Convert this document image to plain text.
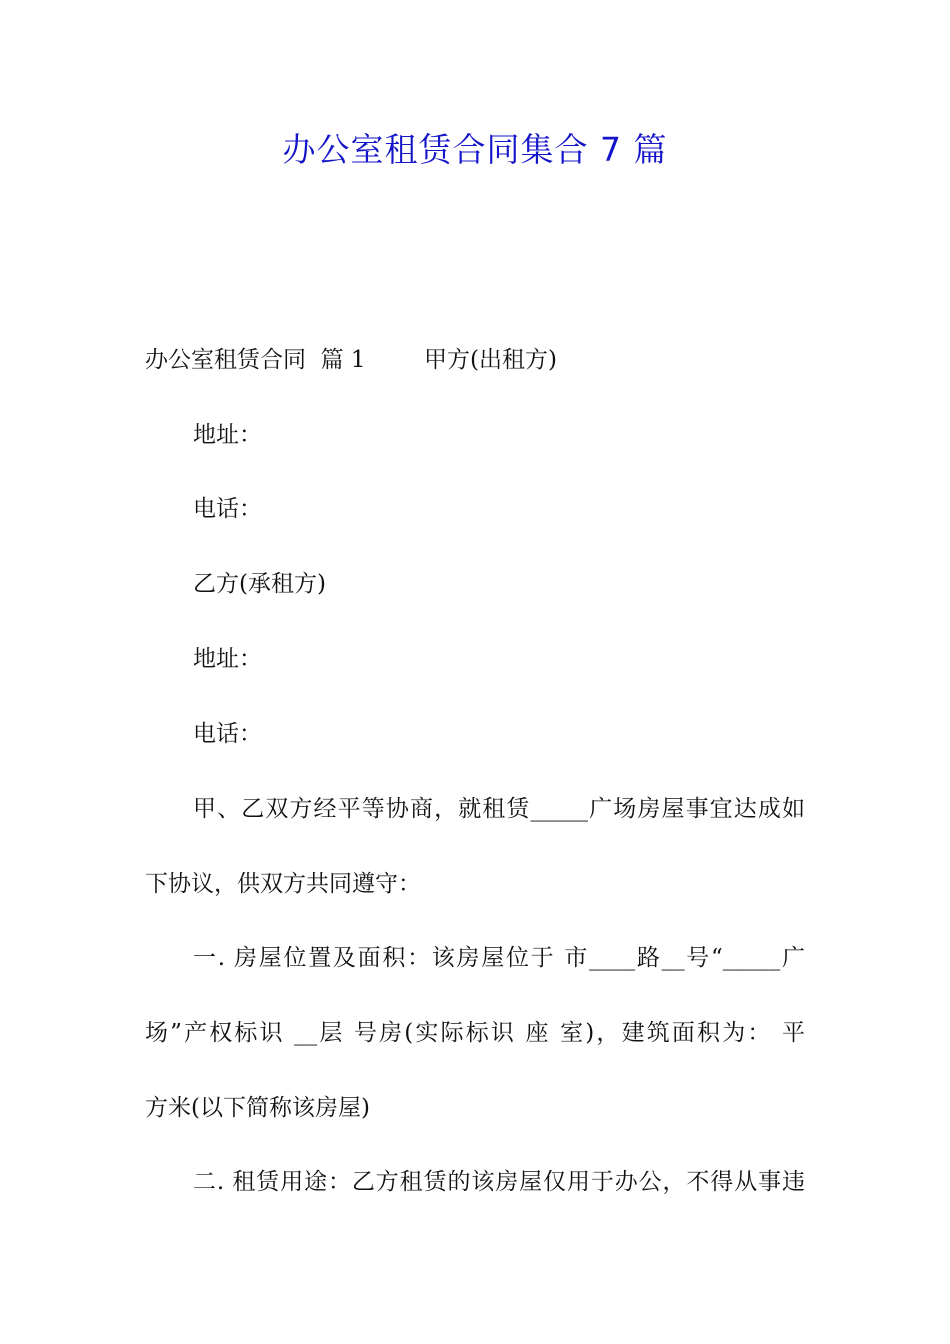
办公室租赁合同集合 7 篇
办公室租赁合同  篇 1        甲方(出租方)
地址：
电话：
乙方(承租方)
地址：
电话：
甲、乙双方经平等协商，就租赁_____广场房屋事宜达成如
下协议，供双方共同遵守：
一. 房屋位置及面积：该房屋位于 市____路__号“_____广
场”产权标识 __层 号房(实际标识 座 室)，建筑面积为： 平
方米(以下简称该房屋)
二. 租赁用途：乙方租赁的该房屋仅用于办公，不得从事违
